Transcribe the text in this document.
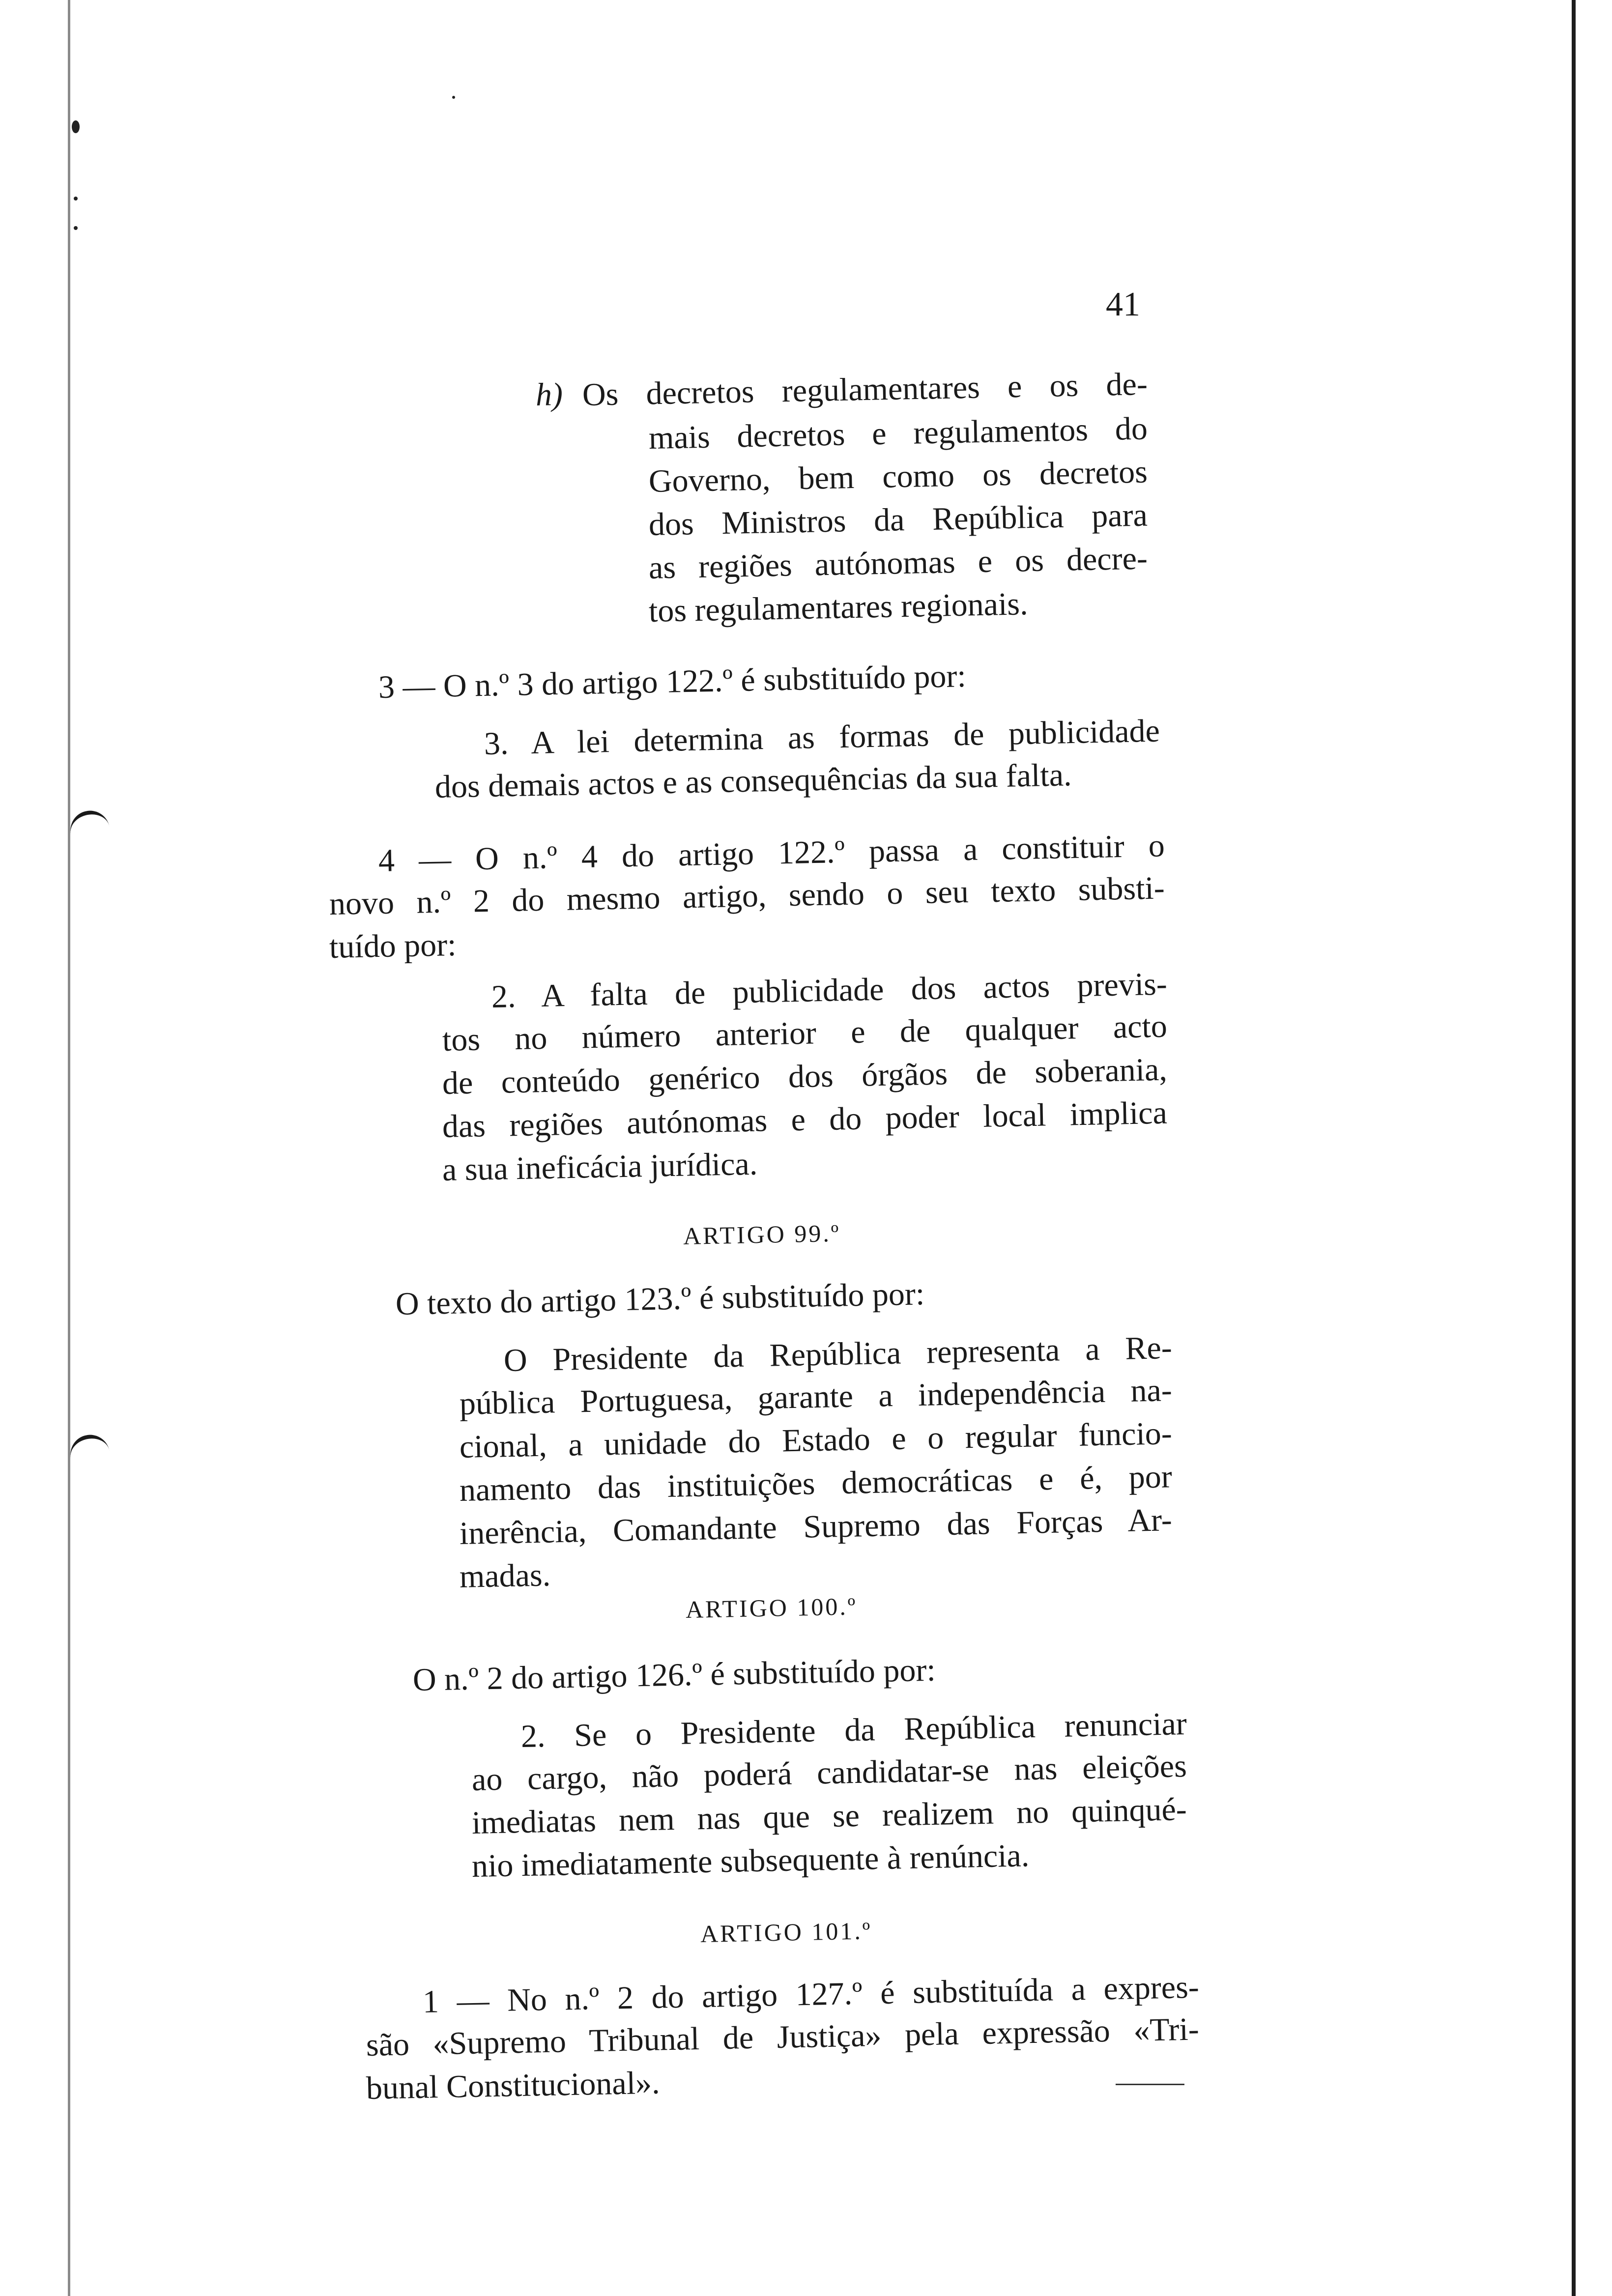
41
h) Os decretos regulamentares e os de-
mais decretos e regulamentos do
Governo, bem como os decretos
dos Ministros da República para
as regiões autónomas e os decre-
tos regulamentares regionais.
3 — O n.º 3 do artigo 122.º é substituído por:
3. A lei determina as formas de publicidade
dos demais actos e as consequências da sua falta.
4 — O n.º 4 do artigo 122.º passa a constituir o
novo n.º 2 do mesmo artigo, sendo o seu texto substi-
tuído por:
2. A falta de publicidade dos actos previs-
tos no número anterior e de qualquer acto
de conteúdo genérico dos órgãos de soberania,
das regiões autónomas e do poder local implica
a sua ineficácia jurídica.
ARTIGO 99.º
O texto do artigo 123.º é substituído por:
O Presidente da República representa a Re-
pública Portuguesa, garante a independência na-
cional, a unidade do Estado e o regular funcio-
namento das instituições democráticas e é, por
inerência, Comandante Supremo das Forças Ar-
madas.
ARTIGO 100.º
O n.º 2 do artigo 126.º é substituído por:
2. Se o Presidente da República renunciar
ao cargo, não poderá candidatar-se nas eleições
imediatas nem nas que se realizem no quinqué-
nio imediatamente subsequente à renúncia.
ARTIGO 101.º
1 — No n.º 2 do artigo 127.º é substituída a expres-
são «Supremo Tribunal de Justiça» pela expressão «Tri-
bunal Constitucional».
